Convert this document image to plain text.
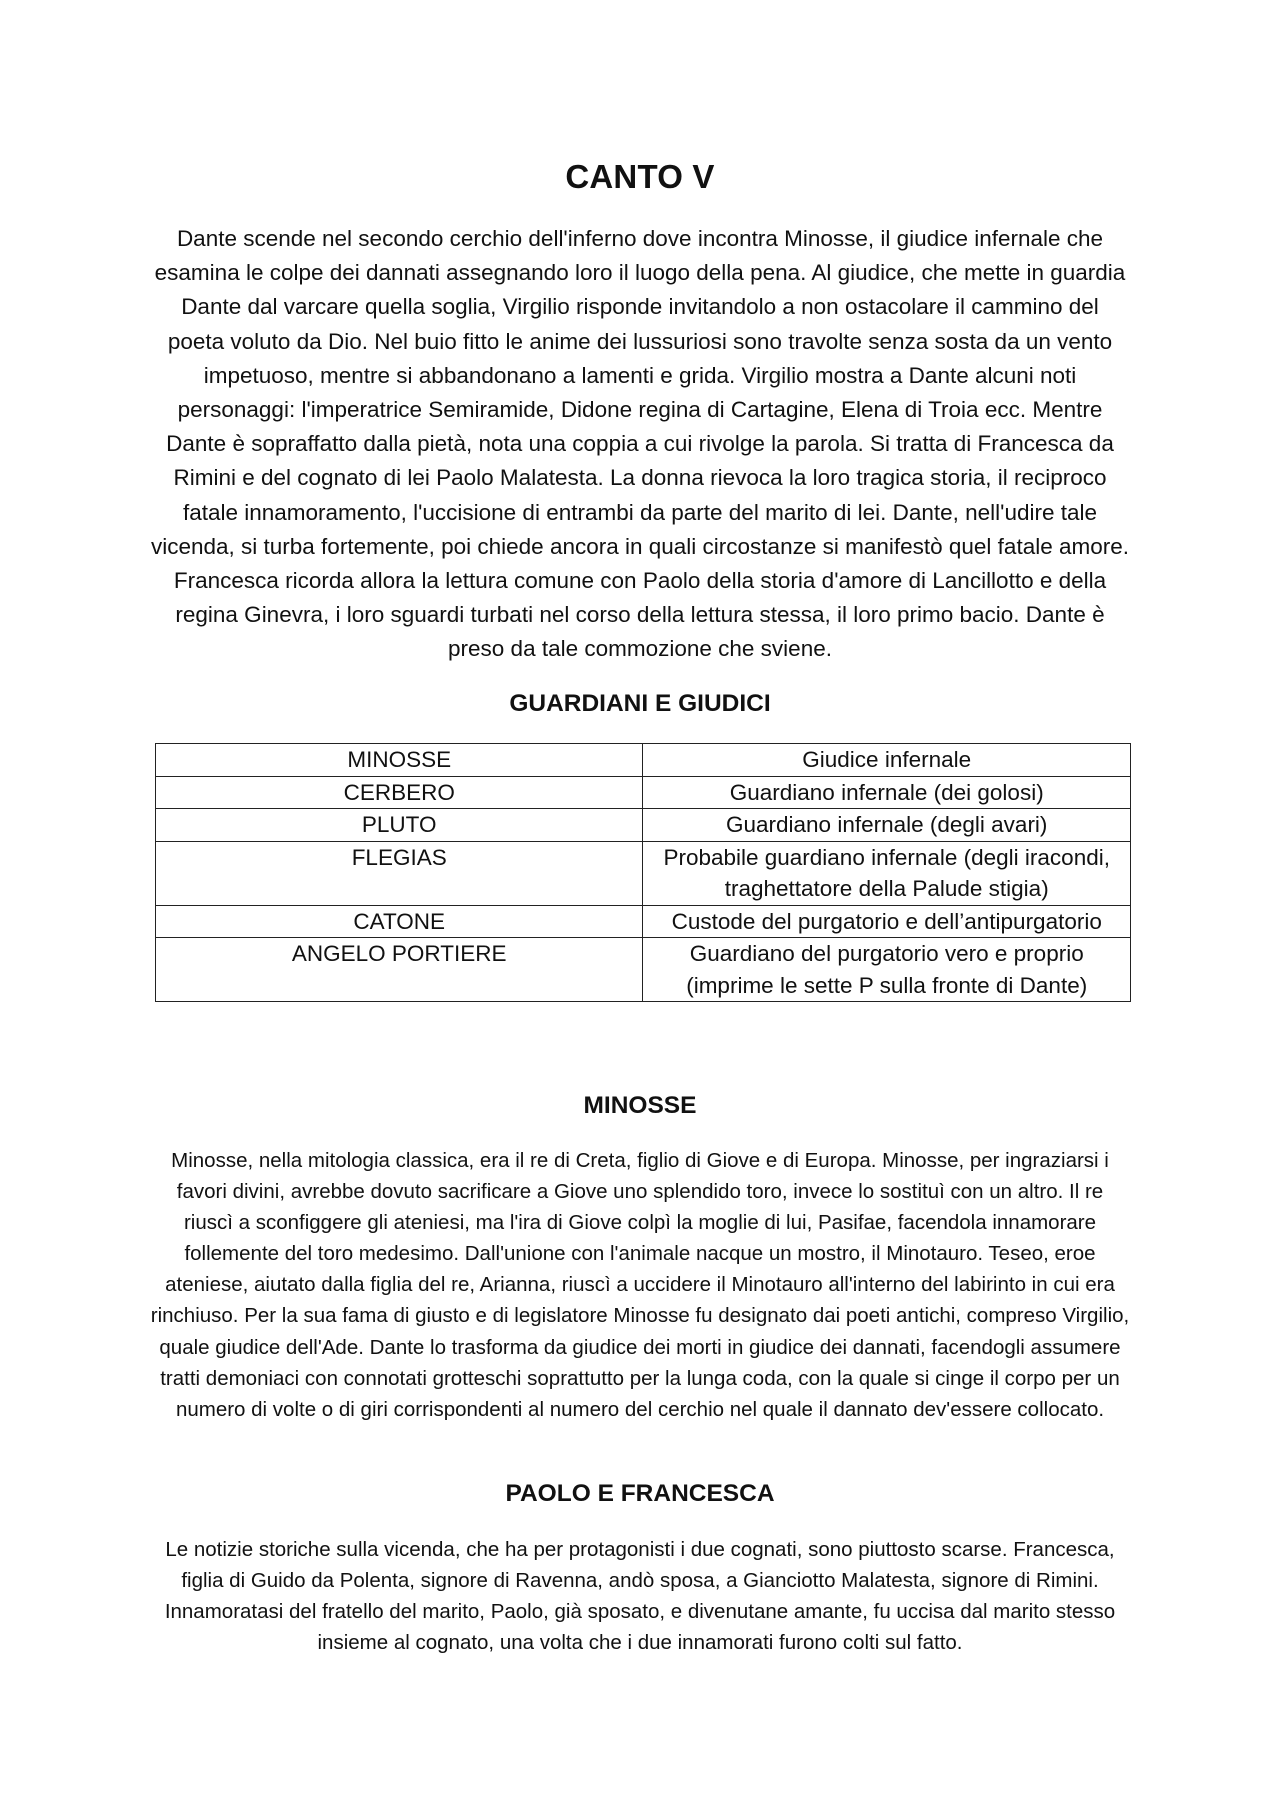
CANTO V

Dante scende nel secondo cerchio dell'inferno dove incontra Minosse, il giudice infernale che esamina le colpe dei dannati assegnando loro il luogo della pena. Al giudice, che mette in guardia Dante dal varcare quella soglia, Virgilio risponde invitandolo a non ostacolare il cammino del poeta voluto da Dio. Nel buio fitto le anime dei lussuriosi sono travolte senza sosta da un vento impetuoso, mentre si abbandonano a lamenti e grida. Virgilio mostra a Dante alcuni noti personaggi: l'imperatrice Semiramide, Didone regina di Cartagine, Elena di Troia ecc. Mentre Dante è sopraffatto dalla pietà, nota una coppia a cui rivolge la parola. Si tratta di Francesca da Rimini e del cognato di lei Paolo Malatesta. La donna rievoca la loro tragica storia, il reciproco fatale innamoramento, l'uccisione di entrambi da parte del marito di lei. Dante, nell'udire tale vicenda, si turba fortemente, poi chiede ancora in quali circostanze si manifestò quel fatale amore. Francesca ricorda allora la lettura comune con Paolo della storia d'amore di Lancillotto e della regina Ginevra, i loro sguardi turbati nel corso della lettura stessa, il loro primo bacio. Dante è preso da tale commozione che sviene.

GUARDIANI E GIUDICI
MINOSSE	Giudice infernale
CERBERO	Guardiano infernale (dei golosi)
PLUTO	Guardiano infernale (degli avari)
FLEGIAS	Probabile guardiano infernale (degli iracondi, traghettatore della Palude stigia)
CATONE	Custode del purgatorio e dell’antipurgatorio
ANGELO PORTIERE	Guardiano del purgatorio vero e proprio (imprime le sette P sulla fronte di Dante)
MINOSSE

Minosse, nella mitologia classica, era il re di Creta, figlio di Giove e di Europa. Minosse, per ingraziarsi i favori divini, avrebbe dovuto sacrificare a Giove uno splendido toro, invece lo sostituì con un altro. Il re riuscì a sconfiggere gli ateniesi, ma l'ira di Giove colpì la moglie di lui, Pasifae, facendola innamorare follemente del toro medesimo. Dall'unione con l'animale nacque un mostro, il Minotauro. Teseo, eroe ateniese, aiutato dalla figlia del re, Arianna, riuscì a uccidere il Minotauro all'interno del labirinto in cui era rinchiuso. Per la sua fama di giusto e di legislatore Minosse fu designato dai poeti antichi, compreso Virgilio, quale giudice dell'Ade. Dante lo trasforma da giudice dei morti in giudice dei dannati, facendogli assumere tratti demoniaci con connotati grotteschi soprattutto per la lunga coda, con la quale si cinge il corpo per un numero di volte o di giri corrispondenti al numero del cerchio nel quale il dannato dev'essere collocato.

PAOLO E FRANCESCA

Le notizie storiche sulla vicenda, che ha per protagonisti i due cognati, sono piuttosto scarse. Francesca, figlia di Guido da Polenta, signore di Ravenna, andò sposa, a Gianciotto Malatesta, signore di Rimini. Innamoratasi del fratello del marito, Paolo, già sposato, e divenutane amante, fu uccisa dal marito stesso insieme al cognato, una volta che i due innamorati furono colti sul fatto.
